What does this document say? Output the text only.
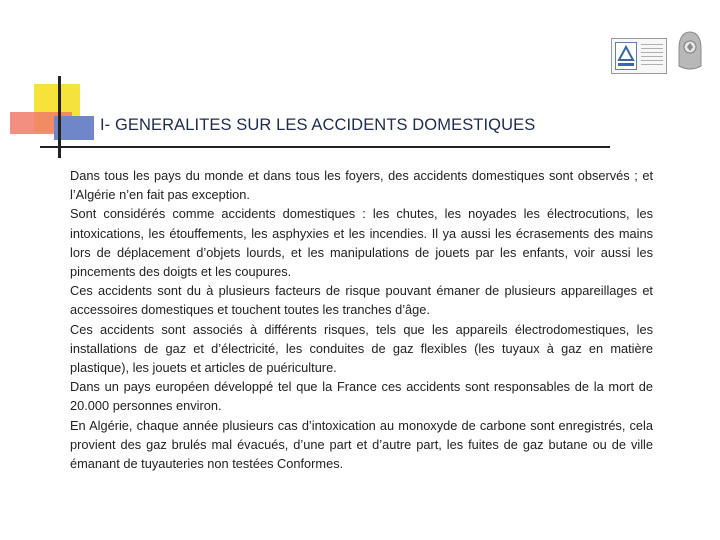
I- GENERALITES SUR LES ACCIDENTS DOMESTIQUES

Dans tous les pays du monde et dans tous les foyers, des accidents domestiques sont observés ; et l’Algérie n’en fait pas exception.

Sont considérés comme accidents domestiques : les chutes, les noyades les électrocutions, les intoxications, les étouffements, les asphyxies et les incendies. Il ya aussi les écrasements des mains lors de déplacement d’objets lourds, et les manipulations de jouets par les enfants, voir aussi les pincements des doigts et les coupures.

Ces accidents sont du à plusieurs facteurs de risque pouvant émaner de plusieurs appareillages et accessoires domestiques et touchent toutes les tranches d’âge.

Ces accidents sont associés à différents risques, tels que les appareils électrodomestiques, les installations de gaz et d’électricité, les conduites de gaz flexibles (les tuyaux à gaz en matière plastique), les jouets et articles de puériculture.

Dans un pays européen développé tel que la France ces accidents sont responsables de la mort de 20.000 personnes environ.

En Algérie, chaque année plusieurs cas d’intoxication au monoxyde de carbone sont enregistrés, cela provient des gaz brulés mal évacués, d’une part et d’autre part, les fuites de gaz butane ou de ville émanant de tuyauteries non testées Conformes.
